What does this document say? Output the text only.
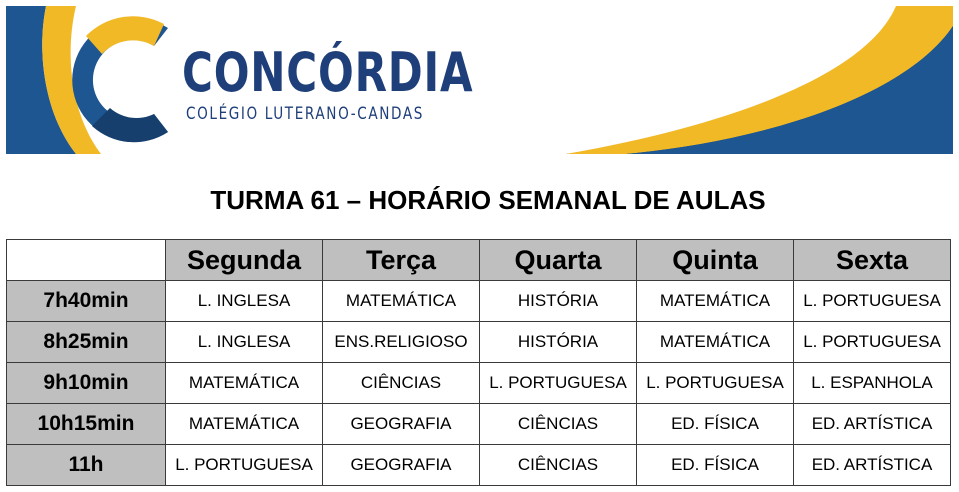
CONCÓRDIA
COLÉGIO LUTERANO-CANDAS
TURMA 61 – HORÁRIO SEMANAL DE AULAS
	Segunda	Terça	Quarta	Quinta	Sexta
7h40min	L. INGLESA	MATEMÁTICA	HISTÓRIA	MATEMÁTICA	L. PORTUGUESA
8h25min	L. INGLESA	ENS.RELIGIOSO	HISTÓRIA	MATEMÁTICA	L. PORTUGUESA
9h10min	MATEMÁTICA	CIÊNCIAS	L. PORTUGUESA	L. PORTUGUESA	L. ESPANHOLA
10h15min	MATEMÁTICA	GEOGRAFIA	CIÊNCIAS	ED. FÍSICA	ED. ARTÍSTICA
11h	L. PORTUGUESA	GEOGRAFIA	CIÊNCIAS	ED. FÍSICA	ED. ARTÍSTICA
